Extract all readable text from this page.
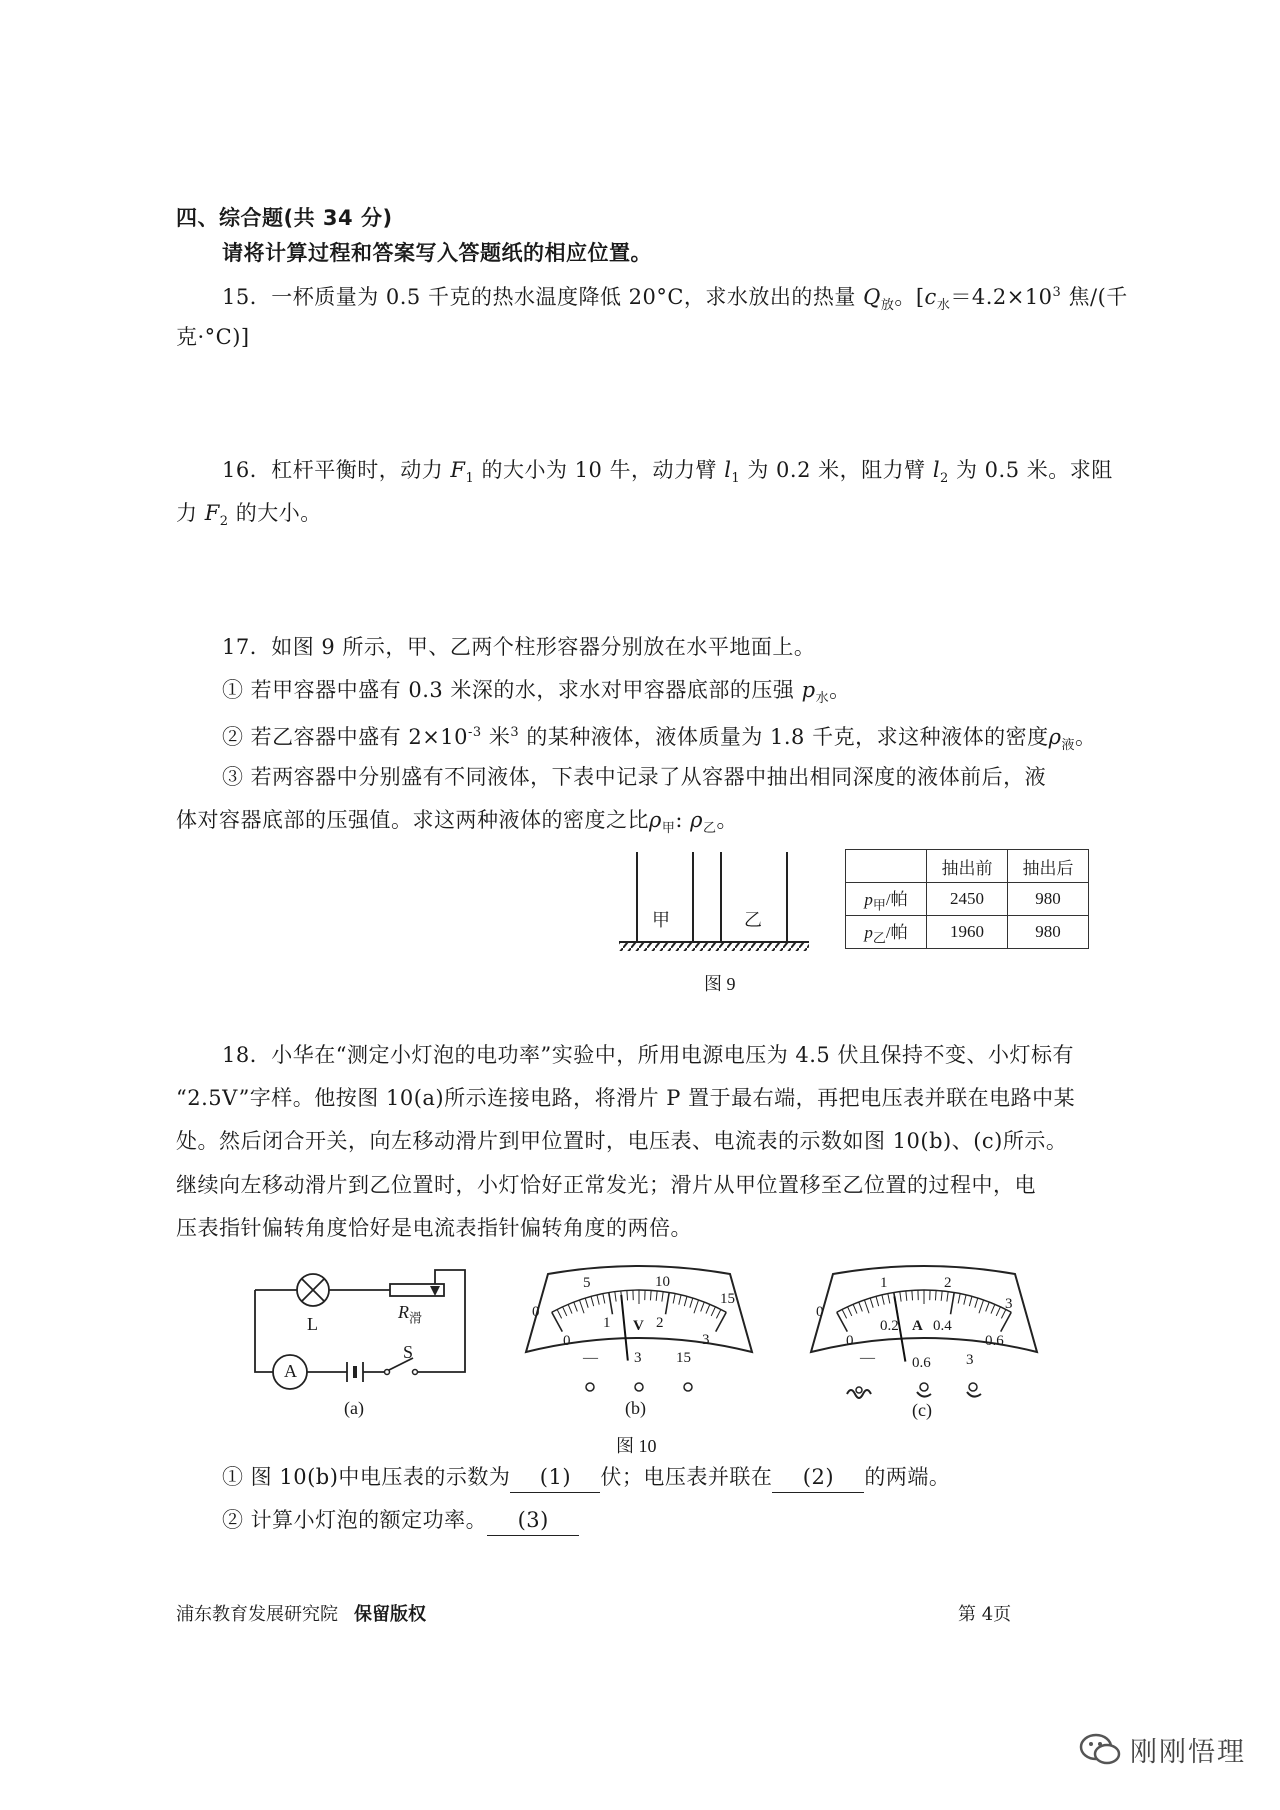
四、综合题(共 34 分)
请将计算过程和答案写入答题纸的相应位置。
15．一杯质量为 0.5 千克的热水温度降低 20°C，求水放出的热量 $Q_放$。[$c_水=4.2\times 10^3$ 焦/(千
克·°C)]
16．杠杆平衡时，动力 $F_1$ 的大小为 10 牛，动力臂 $l_1$ 为 0.2 米，阻力臂 $l_2$ 为 0.5 米。求阻
力 $F_2$ 的大小。
17．如图 9 所示，甲、乙两个柱形容器分别放在水平地面上。
① 若甲容器中盛有 0.3 米深的水，求水对甲容器底部的压强 $p_水$。
② 若乙容器中盛有 $2\times 10^{-3}$ 米$^3$ 的某种液体，液体质量为 1.8 千克，求这种液体的密度$\rho_液$。
③ 若两容器中分别盛有不同液体，下表中记录了从容器中抽出相同深度的液体前后，液
体对容器底部的压强值。求这两种液体的密度之比$\rho_甲$: $\rho_乙$。
甲	乙
图 9
	抽出前	抽出后
$p_甲/$帕	2450	980
$p_乙/$帕	1960	980
18．小华在“测定小灯泡的电功率”实验中，所用电源电压为 4.5 伏且保持不变、小灯标有
“2.5V”字样。他按图 10(a)所示连接电路，将滑片 P 置于最右端，再把电压表并联在电路中某
处。然后闭合开关，向左移动滑片到甲位置时，电压表、电流表的示数如图 10(b)、(c)所示。
继续向左移动滑片到乙位置时，小灯恰好正常发光；滑片从甲位置移至乙位置的过程中，电
压表指针偏转角度恰好是电流表指针偏转角度的两倍。
L
$R_滑$
A
S
(a)
5	10
15
0
0
1	2
3
V
— 3 15
(b)
0
1	2
3
0
0.2 0.4
0.6
A
— 0.6 3
(c)
图 10
① 图 10(b)中电压表的示数为 (1) 伏；电压表并联在 (2) 的两端。
② 计算小灯泡的额定功率。 (3)
浦东教育发展研究院 保留版权	第 4页
刚刚悟理
